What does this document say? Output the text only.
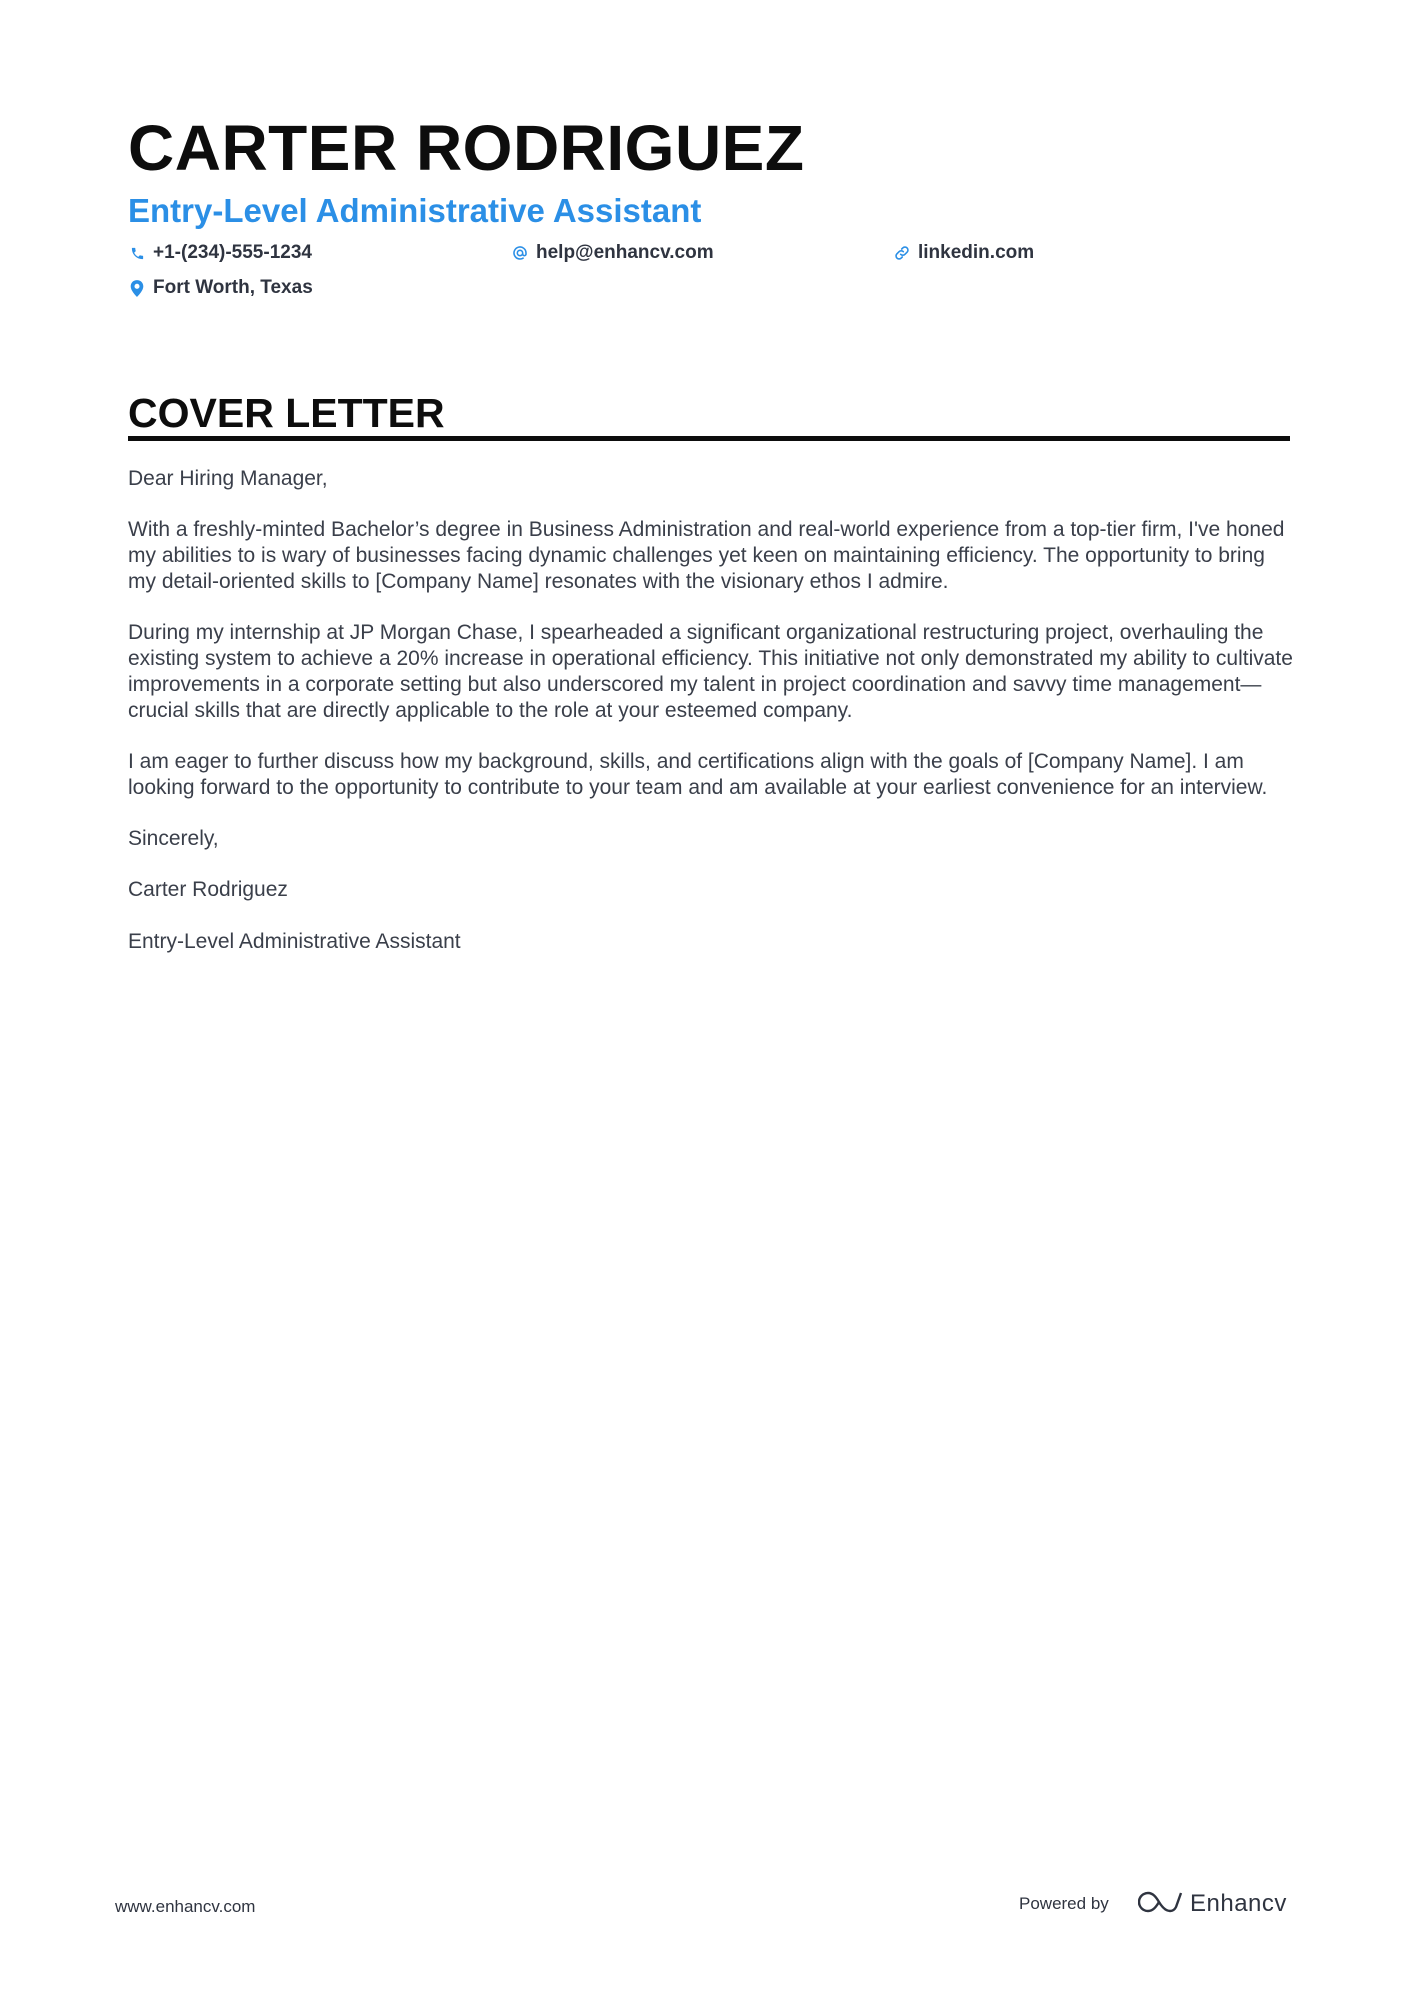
CARTER RODRIGUEZ
Entry-Level Administrative Assistant
+1-(234)-555-1234	help@enhancv.com	linkedin.com
Fort Worth, Texas
COVER LETTER

Dear Hiring Manager,

With a freshly-minted Bachelor’s degree in Business Administration and real-world experience from a top-tier firm, I've honed my abilities to is wary of businesses facing dynamic challenges yet keen on maintaining efficiency. The opportunity to bring my detail-oriented skills to [Company Name] resonates with the visionary ethos I admire.

During my internship at JP Morgan Chase, I spearheaded a significant organizational restructuring project, overhauling the existing system to achieve a 20% increase in operational efficiency. This initiative not only demonstrated my ability to cultivate improvements in a corporate setting but also underscored my talent in project coordination and savvy time management—crucial skills that are directly applicable to the role at your esteemed company.

I am eager to further discuss how my background, skills, and certifications align with the goals of [Company Name]. I am looking forward to the opportunity to contribute to your team and am available at your earliest convenience for an interview.

Sincerely,

Carter Rodriguez

Entry-Level Administrative Assistant

www.enhancv.com	Powered by	Enhancv
